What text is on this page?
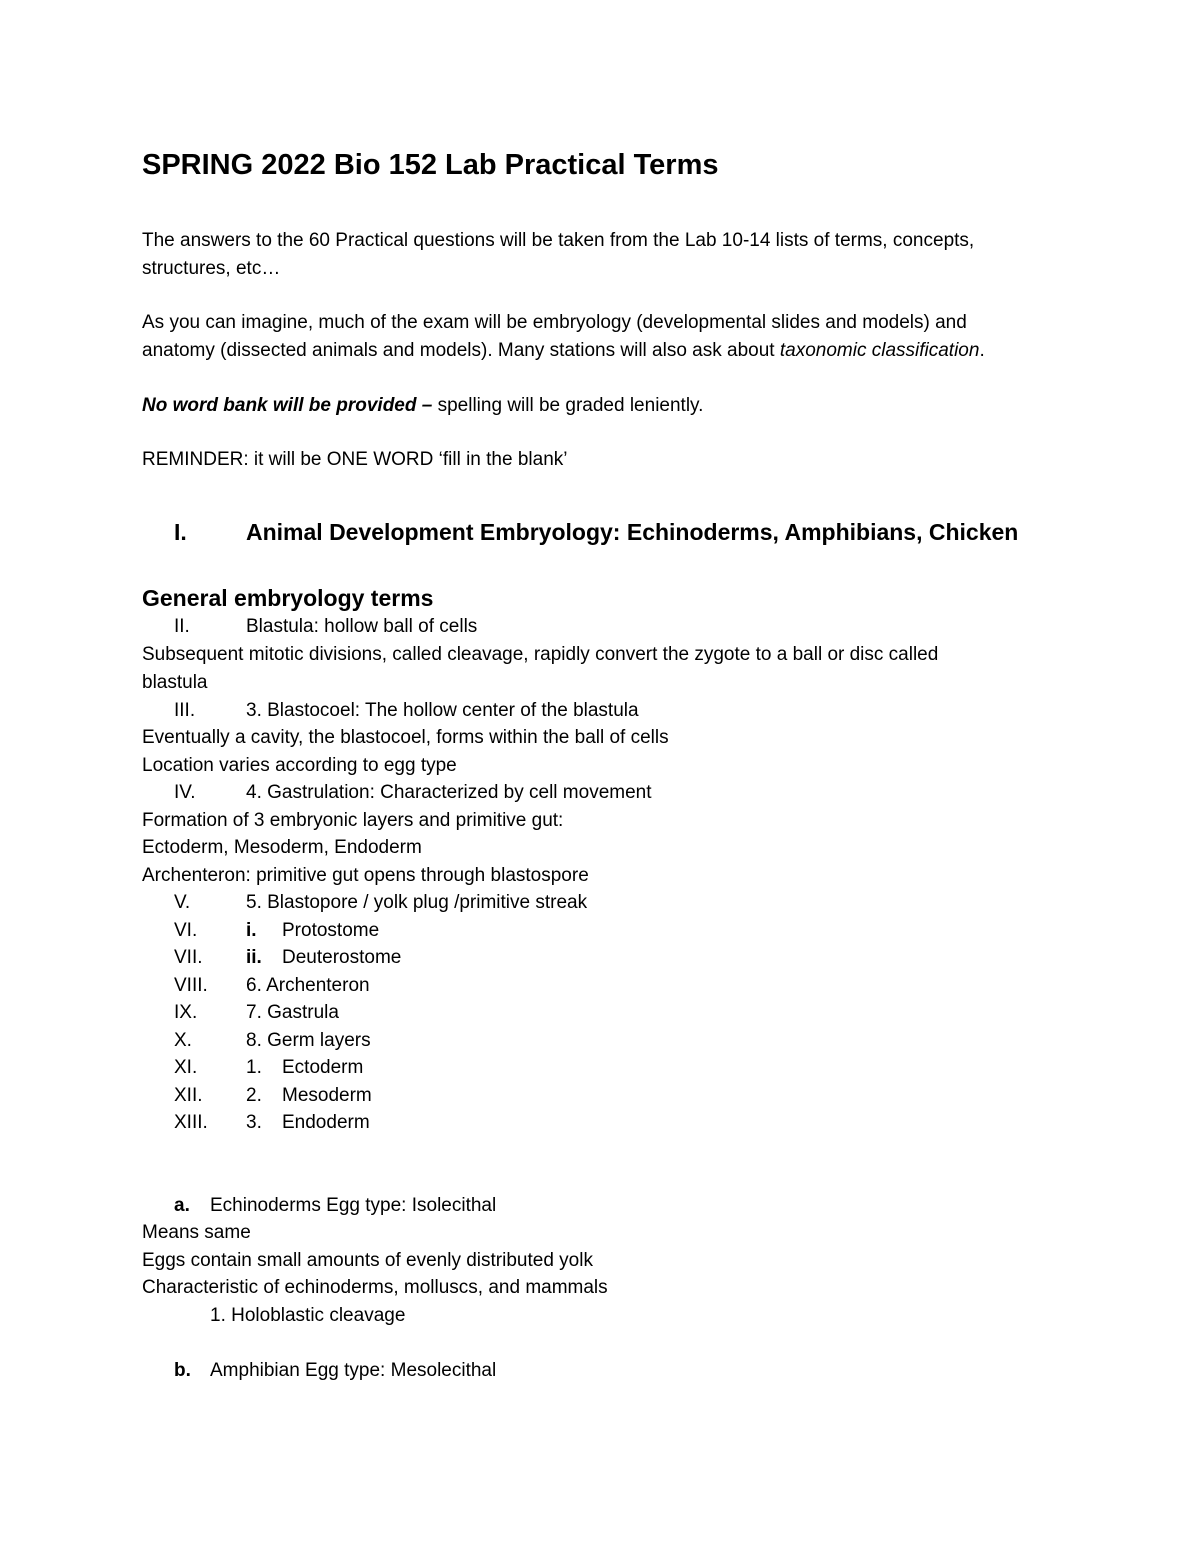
SPRING 2022 Bio 152 Lab Practical Terms
The answers to the 60 Practical questions will be taken from the Lab 10-14 lists of terms, concepts,
structures, etc…
As you can imagine, much of the exam will be embryology (developmental slides and models) and
anatomy (dissected animals and models). Many stations will also ask about taxonomic classification.
No word bank will be provided – spelling will be graded leniently.
REMINDER: it will be ONE WORD ‘fill in the blank’
I.	Animal Development Embryology: Echinoderms, Amphibians, Chicken
General embryology terms
II.	Blastula: hollow ball of cells
Subsequent mitotic divisions, called cleavage, rapidly convert the zygote to a ball or disc called
blastula
III.	3. Blastocoel: The hollow center of the blastula
Eventually a cavity, the blastocoel, forms within the ball of cells
Location varies according to egg type
IV.	4. Gastrulation: Characterized by cell movement
Formation of 3 embryonic layers and primitive gut:
Ectoderm, Mesoderm, Endoderm
Archenteron: primitive gut opens through blastospore
V.	5. Blastopore / yolk plug /primitive streak
VI.	i. Protostome
VII. ii. Deuterostome
VIII. 6. Archenteron
IX.	7. Gastrula
X.	8. Germ layers
XI.	1. Ectoderm
XII. 2. Mesoderm
XIII. 3. Endoderm
a. Echinoderms Egg type: Isolecithal
Means same
Eggs contain small amounts of evenly distributed yolk
Characteristic of echinoderms, molluscs, and mammals
1. Holoblastic cleavage
b. Amphibian Egg type: Mesolecithal
